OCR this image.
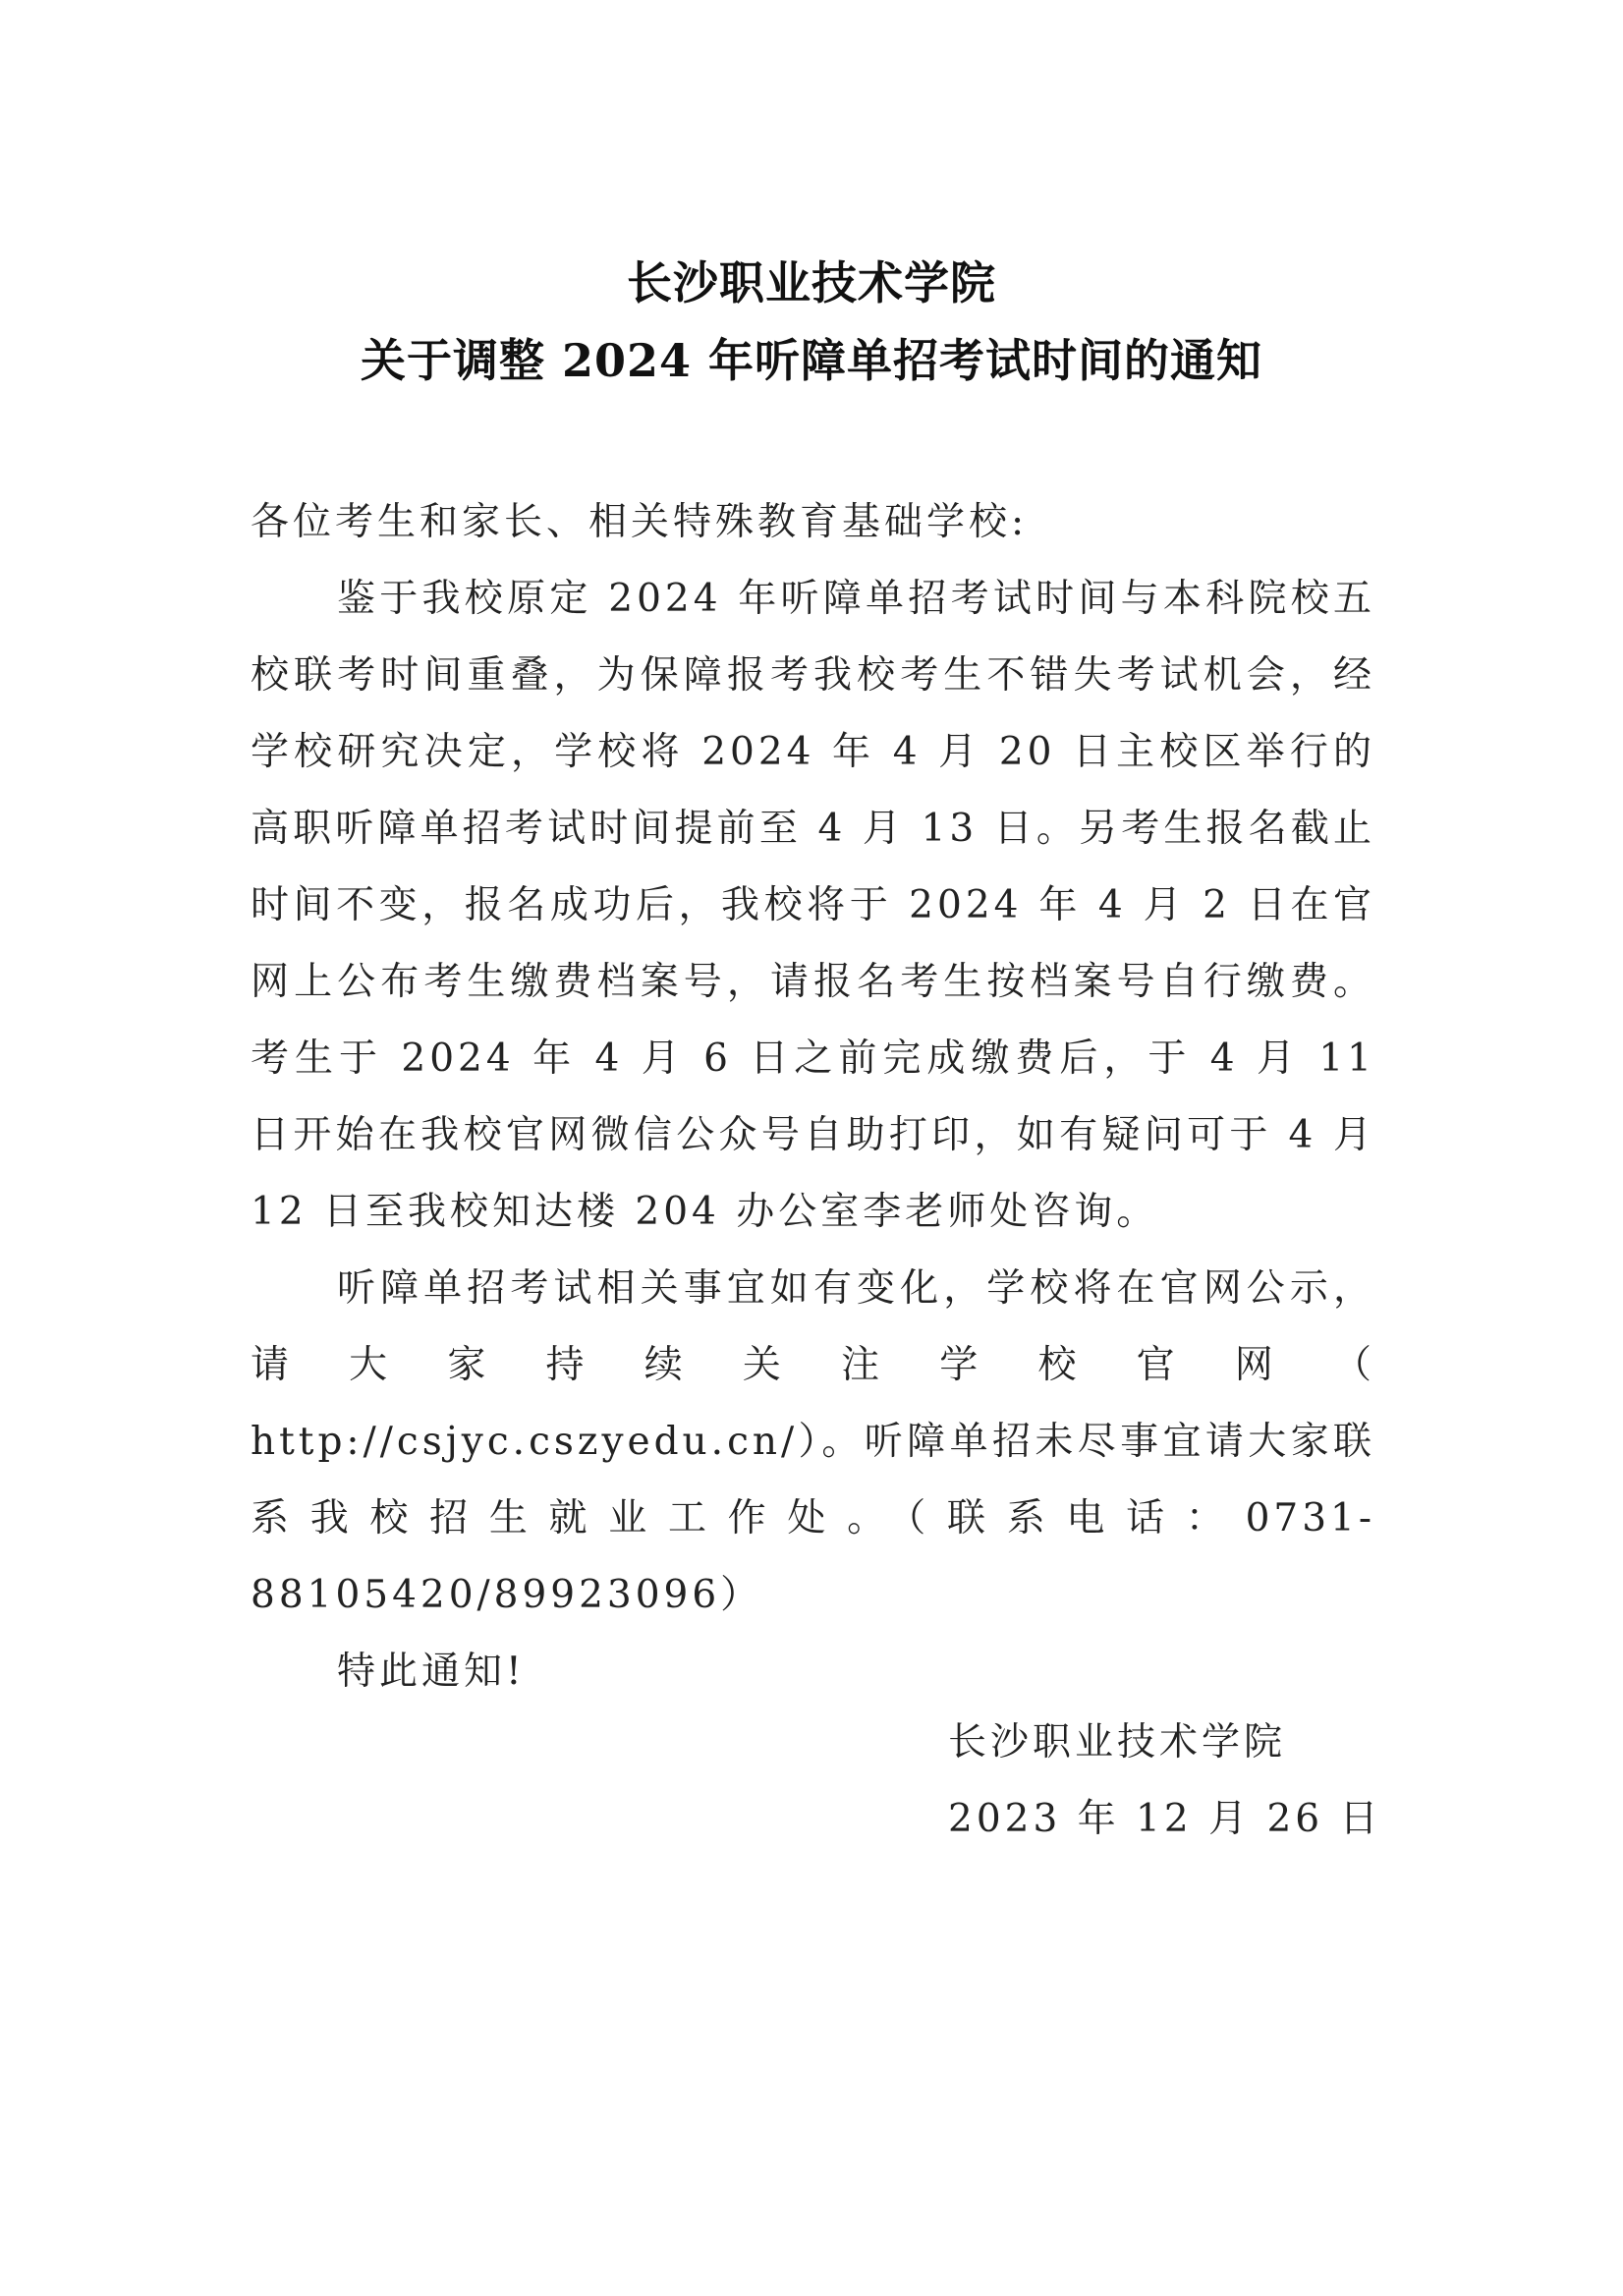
长沙职业技术学院
关于调整 2024 年听障单招考试时间的通知

各位考生和家长、相关特殊教育基础学校:

鉴于我校原定 2024 年听障单招考试时间与本科院校五校联考时间重叠，为保障报考我校考生不错失考试机会，经学校研究决定，学校将 2024 年 4 月 20 日主校区举行的高职听障单招考试时间提前至 4 月 13 日。另考生报名截止时间不变，报名成功后，我校将于 2024 年 4 月 2 日在官网上公布考生缴费档案号，请报名考生按档案号自行缴费。考生于 2024 年 4 月 6 日之前完成缴费后，于 4 月 11 日开始在我校官网微信公众号自助打印，如有疑问可于 4 月 12 日至我校知达楼 204 办公室李老师处咨询。

听障单招考试相关事宜如有变化，学校将在官网公示，请大家持续关注学校官网（ http://csjyc.cszyedu.cn/）。听障单招未尽事宜请大家联系我校招生就业工作处。（联系电话：0731-88105420/89923096）

特此通知!

长沙职业技术学院
2023 年 12 月 26 日
